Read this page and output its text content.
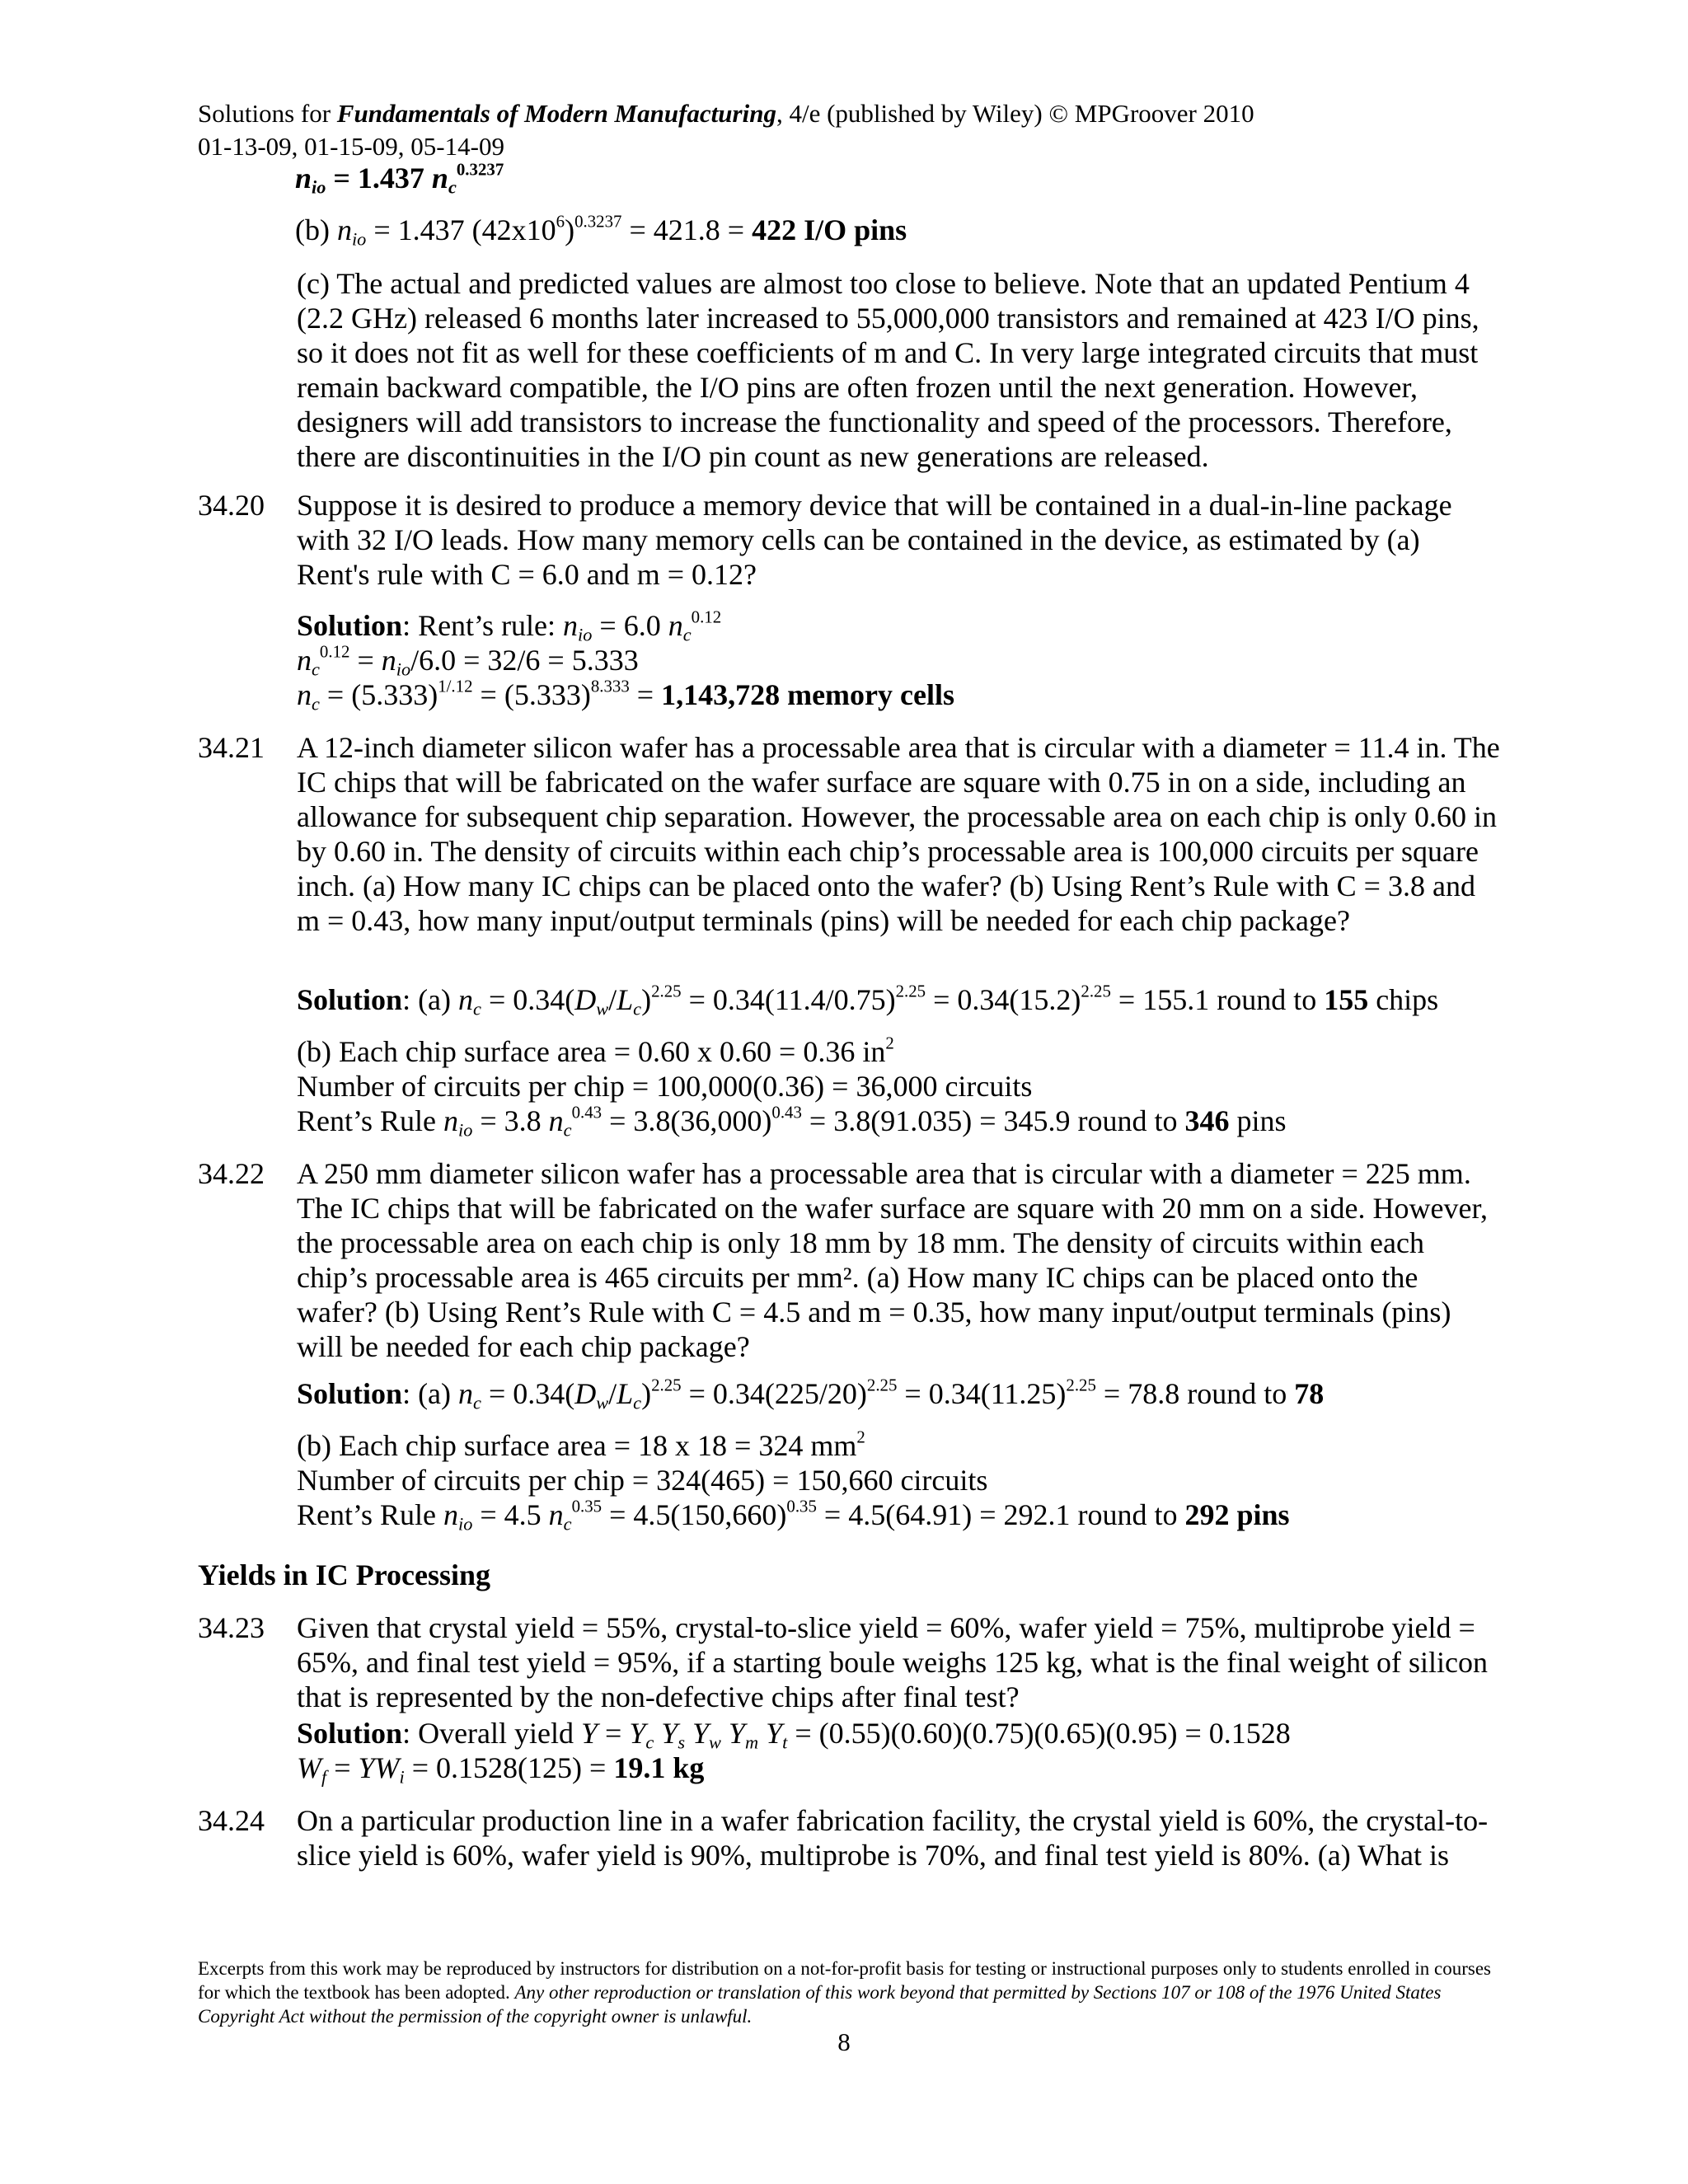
Solutions for Fundamentals of Modern Manufacturing, 4/e (published by Wiley) © MPGroover 2010
01-13-09, 01-15-09, 05-14-09
$n_{io} = 1.437$ $n_c^{0.3237}$
(b) $n_{io} = 1.437$ $(42x10^6)^{0.3237} = 421.8 = 422$ I/O pins
(c) The actual and predicted values are almost too close to believe. Note that an updated Pentium 4 (2.2 GHz) released 6 months later increased to 55,000,000 transistors and remained at 423 I/O pins, so it does not fit as well for these coefficients of m and C. In very large integrated circuits that must remain backward compatible, the I/O pins are often frozen until the next generation. However, designers will add transistors to increase the functionality and speed of the processors. Therefore, there are discontinuities in the I/O pin count as new generations are released.
34.20 Suppose it is desired to produce a memory device that will be contained in a dual-in-line package with 32 I/O leads. How many memory cells can be contained in the device, as estimated by (a) Rent's rule with C = 6.0 and m = 0.12?
Solution: Rent’s rule: $n_{io} = 6.0$ $n_c^{0.12}$
$n_c^{0.12} = n_{io}/6.0 = 32/6 = 5.333$
$n_c = (5.333)^{1/.12} = (5.333)^{8.333} = 1,143,728$ memory cells
34.21 A 12-inch diameter silicon wafer has a processable area that is circular with a diameter = 11.4 in. The IC chips that will be fabricated on the wafer surface are square with 0.75 in on a side, including an allowance for subsequent chip separation. However, the processable area on each chip is only 0.60 in by 0.60 in. The density of circuits within each chip’s processable area is 100,000 circuits per square inch. (a) How many IC chips can be placed onto the wafer? (b) Using Rent’s Rule with C = 3.8 and m = 0.43, how many input/output terminals (pins) will be needed for each chip package?
Solution: (a) $n_c = 0.34(D_w/L_c)^{2.25} = 0.34(11.4/0.75)^{2.25} = 0.34(15.2)^{2.25} = 155.1$ round to 155 chips
(b) Each chip surface area = 0.60 x 0.60 = 0.36 $in^2$
Number of circuits per chip = 100,000(0.36) = 36,000 circuits
Rent’s Rule $n_{io} = 3.8$ $n_c^{0.43} = 3.8(36,000)^{0.43} = 3.8(91.035) = 345.9$ round to 346 pins
34.22 A 250 mm diameter silicon wafer has a processable area that is circular with a diameter = 225 mm. The IC chips that will be fabricated on the wafer surface are square with 20 mm on a side. However, the processable area on each chip is only 18 mm by 18 mm. The density of circuits within each chip’s processable area is 465 circuits per mm². (a) How many IC chips can be placed onto the wafer? (b) Using Rent’s Rule with C = 4.5 and m = 0.35, how many input/output terminals (pins) will be needed for each chip package?
Solution: (a) $n_c = 0.34(D_w/L_c)^{2.25} = 0.34(225/20)^{2.25} = 0.34(11.25)^{2.25} = 78.8$ round to 78
(b) Each chip surface area = 18 x 18 = 324 $mm^2$
Number of circuits per chip = 324(465) = 150,660 circuits
Rent’s Rule $n_{io} = 4.5$ $n_c^{0.35} = 4.5(150,660)^{0.35} = 4.5(64.91) = 292.1$ round to 292 pins
Yields in IC Processing
34.23 Given that crystal yield = 55%, crystal-to-slice yield = 60%, wafer yield = 75%, multiprobe yield = 65%, and final test yield = 95%, if a starting boule weighs 125 kg, what is the final weight of silicon that is represented by the non-defective chips after final test?
Solution: Overall yield $Y = Y_c$ $Y_s$ $Y_w$ $Y_m$ $Y_t = (0.55)(0.60)(0.75)(0.65)(0.95) = 0.1528$
$W_f = YW_i = 0.1528(125) = 19.1$ kg
34.24 On a particular production line in a wafer fabrication facility, the crystal yield is 60%, the crystal-to-slice yield is 60%, wafer yield is 90%, multiprobe is 70%, and final test yield is 80%. (a) What is
Excerpts from this work may be reproduced by instructors for distribution on a not-for-profit basis for testing or instructional purposes only to students enrolled in courses for which the textbook has been adopted. Any other reproduction or translation of this work beyond that permitted by Sections 107 or 108 of the 1976 United States Copyright Act without the permission of the copyright owner is unlawful.
8
